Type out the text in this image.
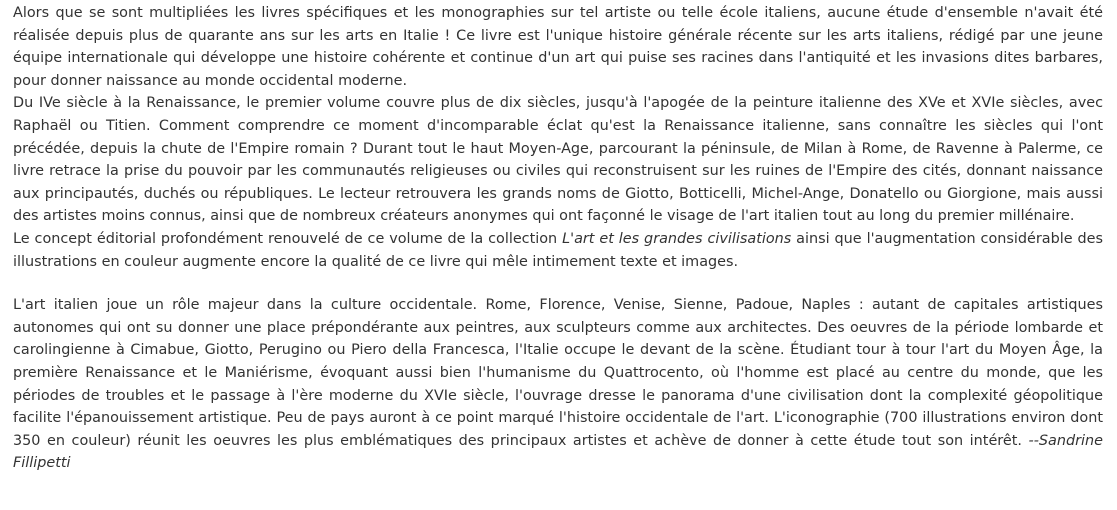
Alors que se sont multipliées les livres spécifiques et les monographies sur tel artiste ou telle école italiens, aucune étude d'ensemble n'avait été réalisée depuis plus de quarante ans sur les arts en Italie ! Ce livre est l'unique histoire générale récente sur les arts italiens, rédigé par une jeune équipe internationale qui développe une histoire cohérente et continue d'un art qui puise ses racines dans l'antiquité et les invasions dites barbares, pour donner naissance au monde occidental moderne.

Du IVe siècle à la Renaissance, le premier volume couvre plus de dix siècles, jusqu'à l'apogée de la peinture italienne des XVe et XVIe siècles, avec Raphaël ou Titien. Comment comprendre ce moment d'incomparable éclat qu'est la Renaissance italienne, sans connaître les siècles qui l'ont précédée, depuis la chute de l'Empire romain ? Durant tout le haut Moyen-Age, parcourant la péninsule, de Milan à Rome, de Ravenne à Palerme, ce livre retrace la prise du pouvoir par les communautés religieuses ou civiles qui reconstruisent sur les ruines de l'Empire des cités, donnant naissance aux principautés, duchés ou républiques. Le lecteur retrouvera les grands noms de Giotto, Botticelli, Michel-Ange, Donatello ou Giorgione, mais aussi des artistes moins connus, ainsi que de nombreux créateurs anonymes qui ont façonné le visage de l'art italien tout au long du premier millénaire.

Le concept éditorial profondément renouvelé de ce volume de la collection L'art et les grandes civilisations ainsi que l'augmentation considérable des illustrations en couleur augmente encore la qualité de ce livre qui mêle intimement texte et images.

L'art italien joue un rôle majeur dans la culture occidentale. Rome, Florence, Venise, Sienne, Padoue, Naples : autant de capitales artistiques autonomes qui ont su donner une place prépondérante aux peintres, aux sculpteurs comme aux architectes. Des oeuvres de la période lombarde et carolingienne à Cimabue, Giotto, Perugino ou Piero della Francesca, l'Italie occupe le devant de la scène. Étudiant tour à tour l'art du Moyen Âge, la première Renaissance et le Maniérisme, évoquant aussi bien l'humanisme du Quattrocento, où l'homme est placé au centre du monde, que les périodes de troubles et le passage à l'ère moderne du XVIe siècle, l'ouvrage dresse le panorama d'une civilisation dont la complexité géopolitique facilite l'épanouissement artistique. Peu de pays auront à ce point marqué l'histoire occidentale de l'art. L'iconographie (700 illustrations environ dont 350 en couleur) réunit les oeuvres les plus emblématiques des principaux artistes et achève de donner à cette étude tout son intérêt. --Sandrine Fillipetti
